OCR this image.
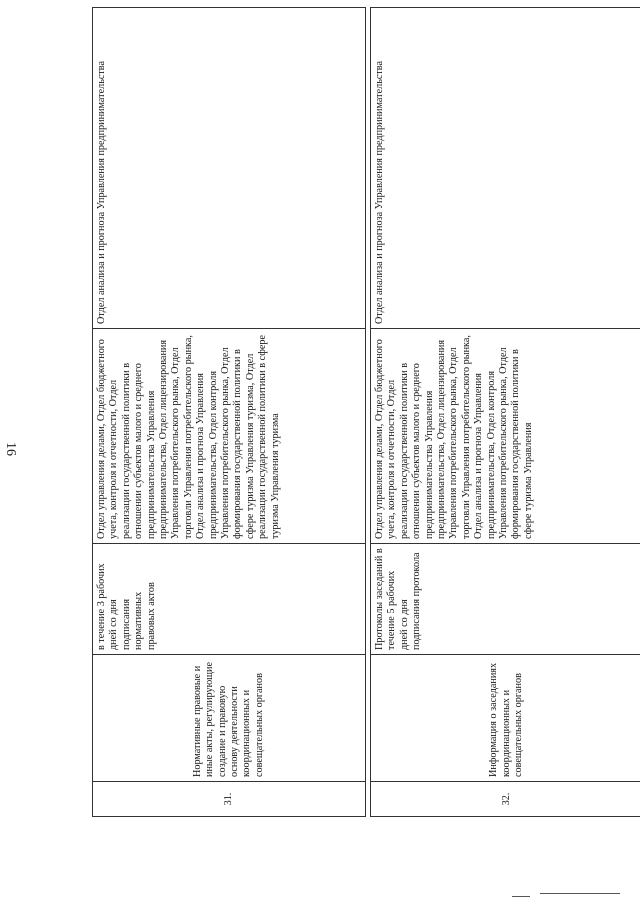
16
31.	Нормативные правовые и иные акты, регулирующие создание и правовую основу деятельности координационных и совещательных органов	в течение 3 рабочих дней со дня подписания нормативных правовых актов	Отдел управления делами, Отдел бюджетного учета, контроля и отчетности, Отдел реализации государственной политики в отношении субъектов малого и среднего предпринимательства Управления предпринимательства, Отдел лицензирования Управления потребительского рынка, Отдел торговли Управления потребительского рынка, Отдел анализа и прогноза Управления предпринимательства, Отдел контроля Управления потребительского рынка, Отдел формирования государственной политики в сфере туризма Управления туризма, Отдел реализации государственной политики в сфере туризма Управления туризма	Отдел анализа и прогноза Управления предпринимательства
32.	Информация о заседаниях координационных и совещательных органов	Протоколы заседаний в течение 5 рабочих дней со дня подписания протокола	Отдел управления делами, Отдел бюджетного учета, контроля и отчетности, Отдел реализации государственной политики в отношении субъектов малого и среднего предпринимательства Управления предпринимательства, Отдел лицензирования Управления потребительского рынка, Отдел торговли Управления потребительского рынка, Отдел анализа и прогноза Управления предпринимательства, Отдел контроля Управления потребительского рынка, Отдел формирования государственной политики в сфере туризма Управления	Отдел анализа и прогноза Управления предпринимательства
